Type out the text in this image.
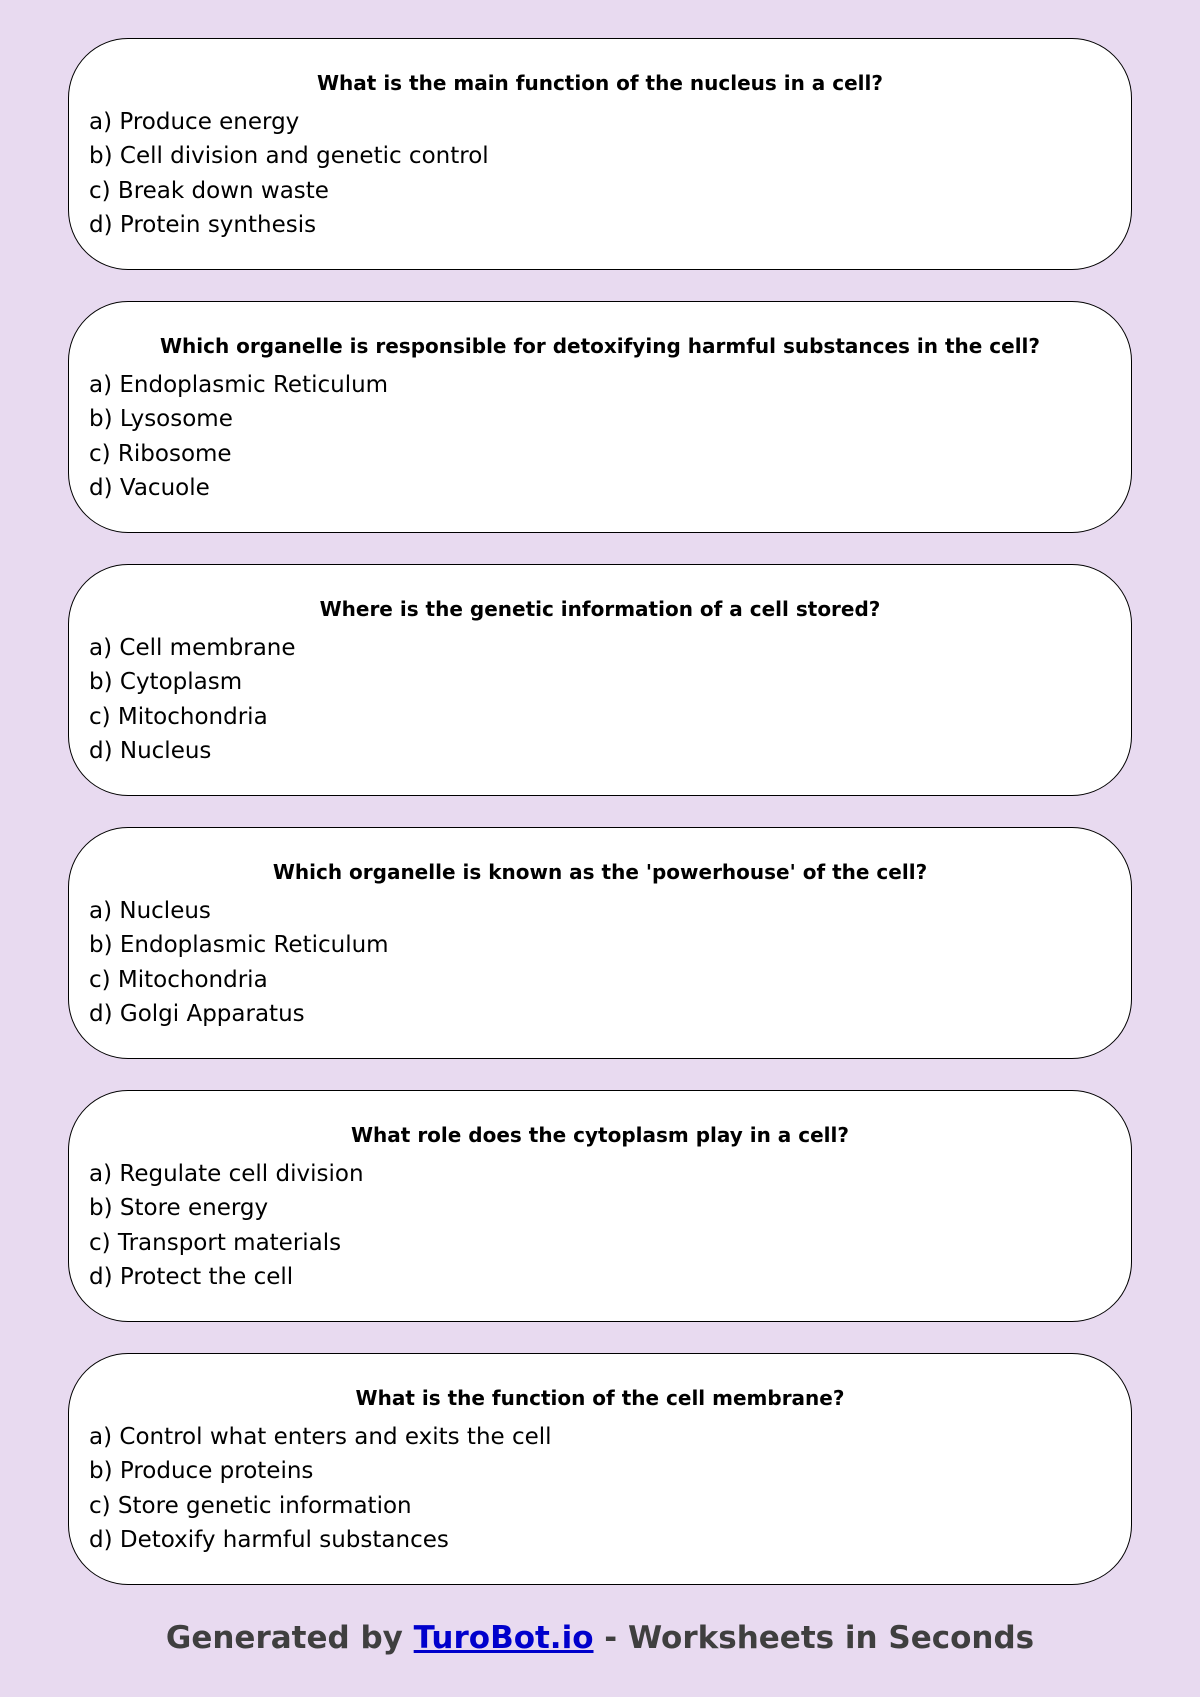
What is the main function of the nucleus in a cell?
a) Produce energy
b) Cell division and genetic control
c) Break down waste
d) Protein synthesis
Which organelle is responsible for detoxifying harmful substances in the cell?
a) Endoplasmic Reticulum
b) Lysosome
c) Ribosome
d) Vacuole
Where is the genetic information of a cell stored?
a) Cell membrane
b) Cytoplasm
c) Mitochondria
d) Nucleus
Which organelle is known as the 'powerhouse' of the cell?
a) Nucleus
b) Endoplasmic Reticulum
c) Mitochondria
d) Golgi Apparatus
What role does the cytoplasm play in a cell?
a) Regulate cell division
b) Store energy
c) Transport materials
d) Protect the cell
What is the function of the cell membrane?
a) Control what enters and exits the cell
b) Produce proteins
c) Store genetic information
d) Detoxify harmful substances
Generated by TuroBot.io - Worksheets in Seconds
